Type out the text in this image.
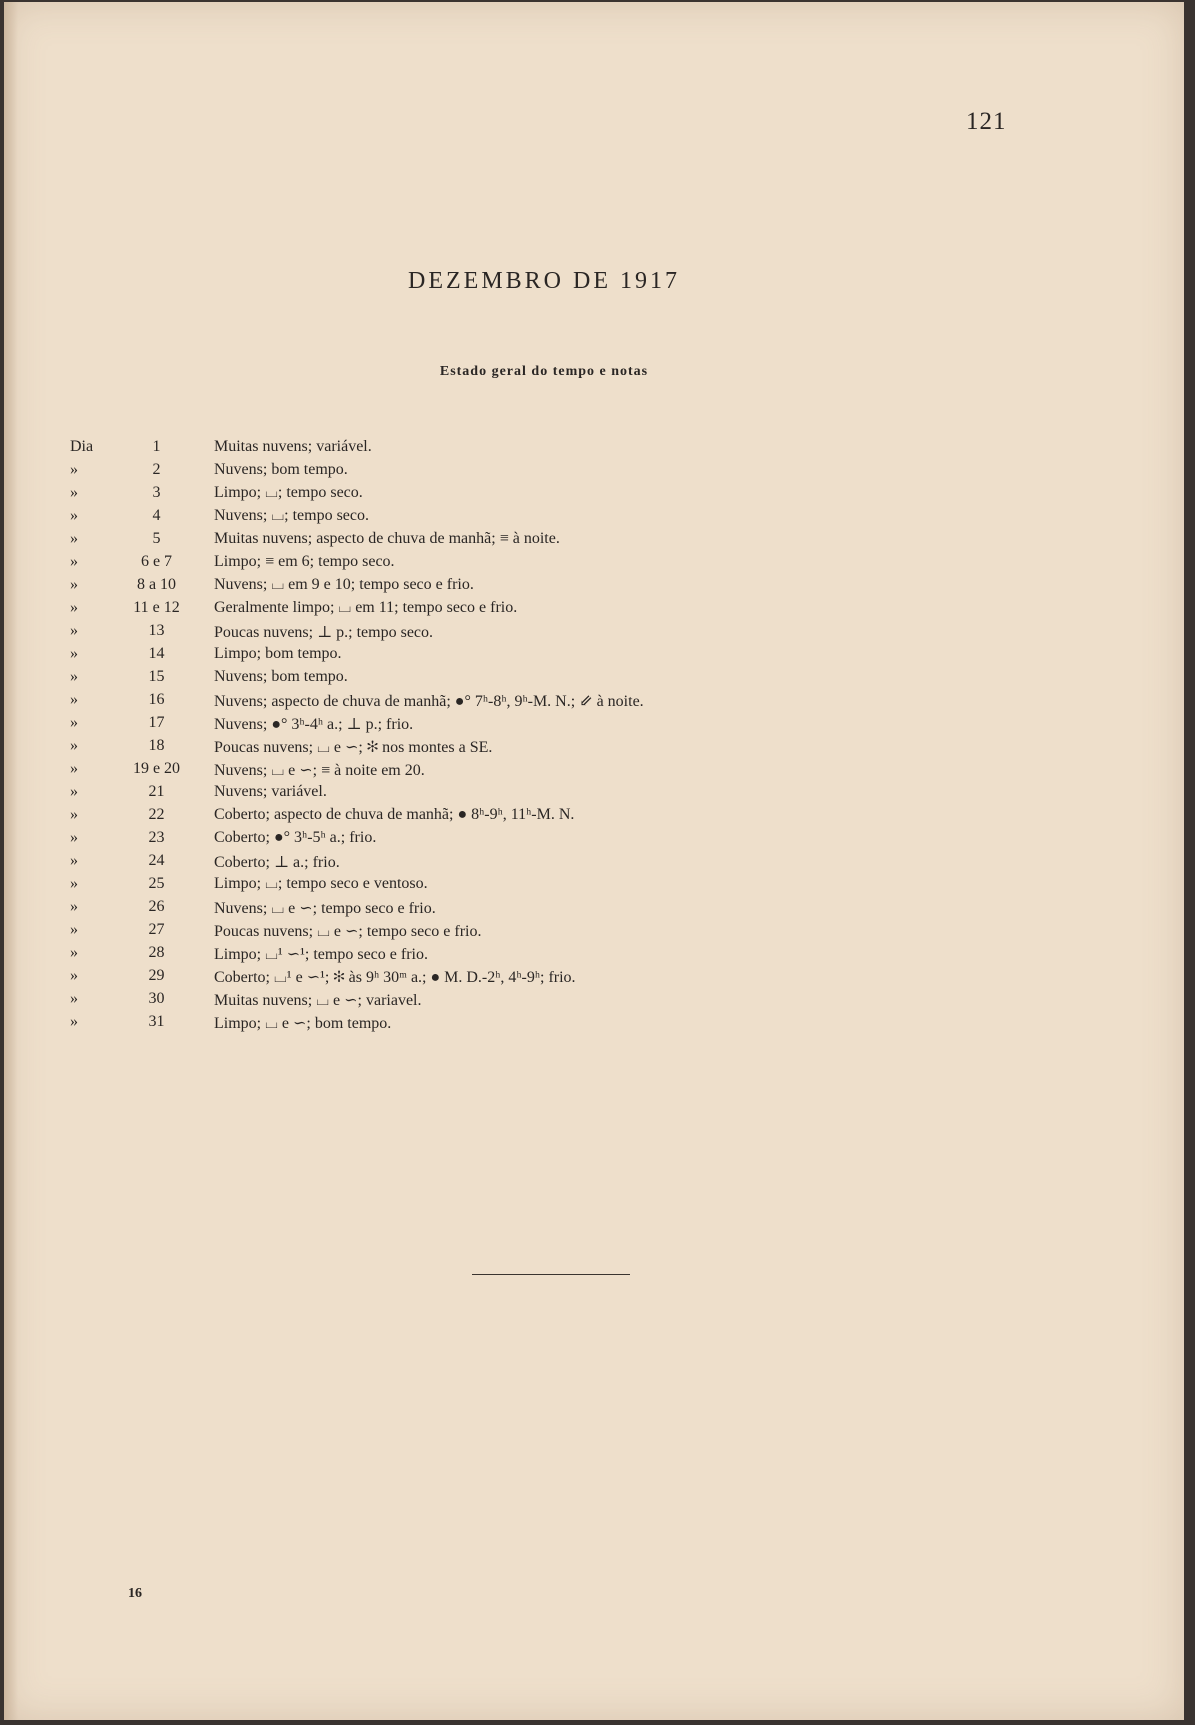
121
DEZEMBRO DE 1917
Estado geral do tempo e notas
Dia	1	Muitas nuvens; variável.
»	2	Nuvens; bom tempo.
»	3	Limpo; ⌴; tempo seco.
»	4	Nuvens; ⌴; tempo seco.
»	5	Muitas nuvens; aspecto de chuva de manhã; ≡ à noite.
»	6 e 7	Limpo; ≡ em 6; tempo seco.
»	8 a 10	Nuvens; ⌴ em 9 e 10; tempo seco e frio.
»	11 e 12	Geralmente limpo; ⌴ em 11; tempo seco e frio.
»	13	Poucas nuvens; ⊥ p.; tempo seco.
»	14	Limpo; bom tempo.
»	15	Nuvens; bom tempo.
»	16	Nuvens; aspecto de chuva de manhã; ●° 7ʰ-8ʰ, 9ʰ-M. N.; ⇙ à noite.
»	17	Nuvens; ●° 3ʰ-4ʰ a.; ⊥ p.; frio.
»	18	Poucas nuvens; ⌴ e ∽; ✻ nos montes a SE.
»	19 e 20	Nuvens; ⌴ e ∽; ≡ à noite em 20.
»	21	Nuvens; variável.
»	22	Coberto; aspecto de chuva de manhã; ● 8ʰ-9ʰ, 11ʰ-M. N.
»	23	Coberto; ●° 3ʰ-5ʰ a.; frio.
»	24	Coberto; ⊥ a.; frio.
»	25	Limpo; ⌴; tempo seco e ventoso.
»	26	Nuvens; ⌴ e ∽; tempo seco e frio.
»	27	Poucas nuvens; ⌴ e ∽; tempo seco e frio.
»	28	Limpo; ⌴¹ ∽¹; tempo seco e frio.
»	29	Coberto; ⌴¹ e ∽¹; ✻ às 9ʰ 30ᵐ a.; ● M. D.-2ʰ, 4ʰ-9ʰ; frio.
»	30	Muitas nuvens; ⌴ e ∽; variavel.
»	31	Limpo; ⌴ e ∽; bom tempo.
16
